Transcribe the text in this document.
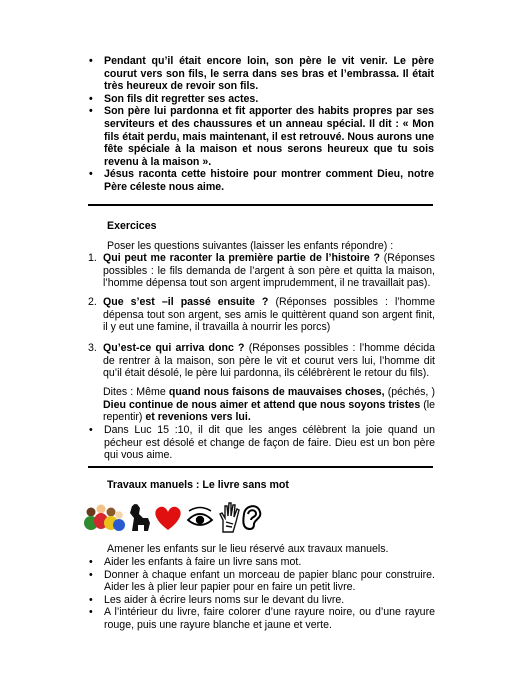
• Pendant qu’il était encore loin, son père le vit venir. Le père courut vers son fils, le serra dans ses bras et l’embrassa. Il était très heureux de revoir son fils.
• Son fils dit regretter ses actes.
• Son père lui pardonna et fit apporter des habits propres par ses serviteurs et des chaussures et un anneau spécial. Il dit : « Mon fils était perdu, mais maintenant, il est retrouvé. Nous aurons une fête spéciale à la maison et nous serons heureux que tu sois revenu à la maison ».
• Jésus raconta cette histoire pour montrer comment Dieu, notre Père céleste nous aime.
Exercices
Poser les questions suivantes (laisser les enfants répondre) :
1. Qui peut me raconter la première partie de l’histoire ? (Réponses possibles : le fils demanda de l’argent à son père et quitta la maison, l’homme dépensa tout son argent imprudemment, il ne travaillait pas).
2. Que s’est –il passé ensuite ? (Réponses possibles : l’homme dépensa tout son argent, ses amis le quittèrent quand son argent finit, il y eut une famine, il travailla à nourrir les porcs)
3. Qu’est-ce qui arriva donc ? (Réponses possibles : l’homme décida de rentrer à la maison, son père le vit et courut vers lui, l’homme dit qu’il était désolé, le père lui pardonna, ils célébrèrent le retour du fils).
Dites : Même quand nous faisons de mauvaises choses, (péchés, ) Dieu continue de nous aimer et attend que nous soyons tristes (le repentir) et revenions vers lui.
• Dans Luc 15 :10, il dit que les anges célèbrent la joie quand un pécheur est désolé et change de façon de faire. Dieu est un bon père qui vous aime.
Travaux manuels : Le livre sans mot
Amener les enfants sur le lieu réservé aux travaux manuels.
• Aider les enfants à faire un livre sans mot.
• Donner à chaque enfant un morceau de papier blanc pour construire. Aider les à plier leur papier pour en faire un petit livre.
• Les aider à écrire leurs noms sur le devant du livre.
• A l’intérieur du livre, faire colorer d’une rayure noire, ou d’une rayure rouge, puis une rayure blanche et jaune et verte.
